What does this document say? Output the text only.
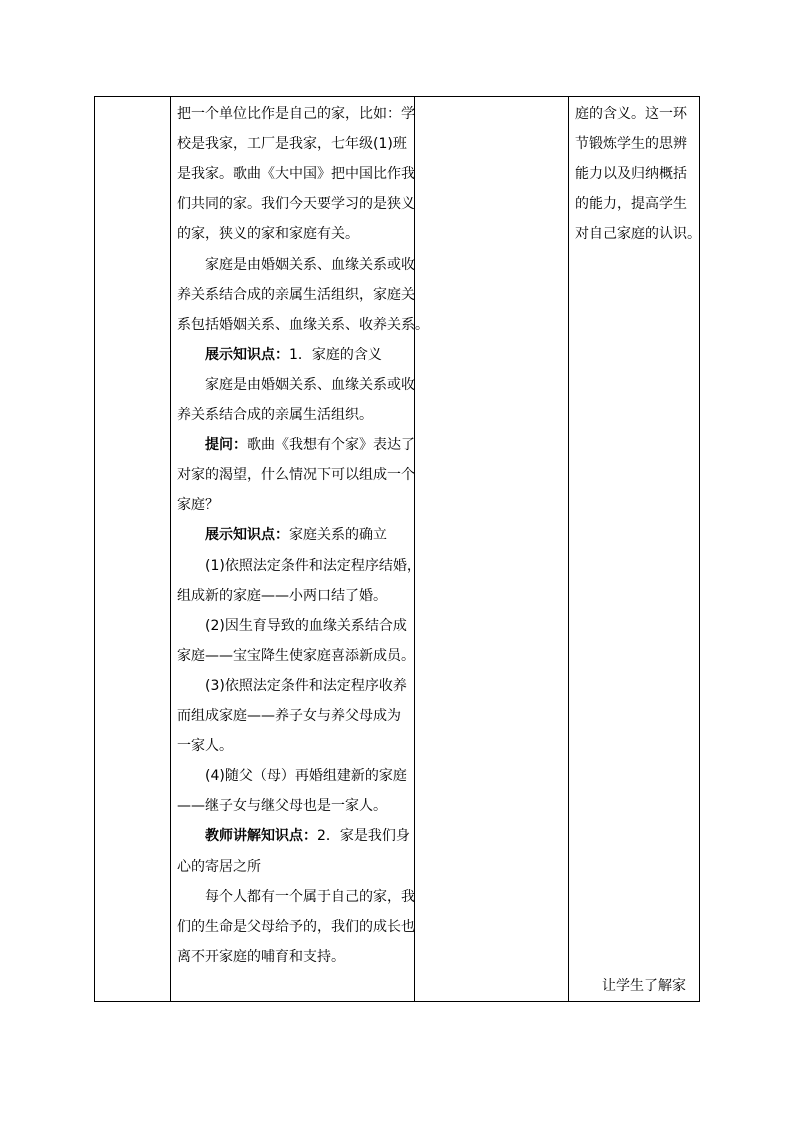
把一个单位比作是自己的家，比如：学
校是我家，工厂是我家，七年级(1)班
是我家。歌曲《大中国》把中国比作我
们共同的家。我们今天要学习的是狭义
的家，狭义的家和家庭有关。
家庭是由婚姻关系、血缘关系或收
养关系结合成的亲属生活组织，家庭关
系包括婚姻关系、血缘关系、收养关系。
展示知识点：1．家庭的含义
家庭是由婚姻关系、血缘关系或收
养关系结合成的亲属生活组织。
提问：歌曲《我想有个家》表达了
对家的渴望，什么情况下可以组成一个
家庭？
展示知识点：家庭关系的确立
(1)依照法定条件和法定程序结婚，
组成新的家庭——小两口结了婚。
(2)因生育导致的血缘关系结合成
家庭——宝宝降生使家庭喜添新成员。
(3)依照法定条件和法定程序收养
而组成家庭——养子女与养父母成为
一家人。
(4)随父（母）再婚组建新的家庭
——继子女与继父母也是一家人。
教师讲解知识点：2．家是我们身
心的寄居之所
每个人都有一个属于自己的家，我
们的生命是父母给予的，我们的成长也
离不开家庭的哺育和支持。
让学生了解家
庭的含义。这一环
节锻炼学生的思辨
能力以及归纳概括
的能力，提高学生
对自己家庭的认识。
